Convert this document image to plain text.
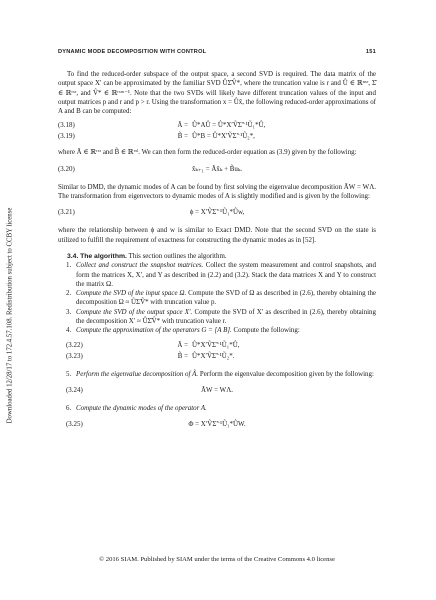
DYNAMIC MODE DECOMPOSITION WITH CONTROL	151
Downloaded 12/28/17 to 172.4.57.108. Redistribution subject to CCBY license

To find the reduced-order subspace of the output space, a second SVD is required. The data matrix of the output space X′ can be approximated by the familiar SVD ÛΣ̂V̂*, where the truncation value is r and Û ∈ ℝⁿˣʳ, Σ̂ ∈ ℝʳˣʳ, and V̂* ∈ ℝʳˣᵐ⁻¹. Note that the two SVDs will likely have different truncation values of the input and output matrices p and r and p > r. Using the transformation x = Ûx̃, the following reduced-order approximations of A and B can be computed:

(3.18)	Ã = Û*AÛ = Û*X′ṼΣ̃⁻¹Ũ₁*Û,
(3.19)	B̃ = Û*B = Û*X′ṼΣ̃⁻¹Ũ₂*,

where Ã ∈ ℝʳˣʳ and B̃ ∈ ℝʳˣˡ. We can then form the reduced-order equation as (3.9) given by the following:

(3.20)	x̃ₖ₊₁ = Ãx̃ₖ + B̃uₖ.

Similar to DMD, the dynamic modes of A can be found by first solving the eigenvalue decomposition ÃW = WΛ. The transformation from eigenvectors to dynamic modes of A is slightly modified and is given by the following:

(3.21)	ϕ = X′ṼΣ̃⁻¹Ũ₁*Ûw,

where the relationship between ϕ and w is similar to Exact DMD. Note that the second SVD on the state is utilized to fulfill the requirement of exactness for constructing the dynamic modes as in [52].

3.4. The algorithm. This section outlines the algorithm.

1. Collect and construct the snapshot matrices. Collect the system measurement and control snapshots, and form the matrices X, X′, and Υ as described in (2.2) and (3.2). Stack the data matrices X and Υ to construct the matrix Ω.
2. Compute the SVD of the input space Ω. Compute the SVD of Ω as described in (2.6), thereby obtaining the decomposition Ω ≈ ŨΣ̃Ṽ* with truncation value p.
3. Compute the SVD of the output space X′. Compute the SVD of X′ as described in (2.6), thereby obtaining the decomposition X′ ≈ ÛΣ̂V̂* with truncation value r.
4. Compute the approximation of the operators G = [A B]. Compute the following:
(3.22)	Ã = Û*X′ṼΣ̃⁻¹Ũ₁*Û,
(3.23)	B̃ = Û*X′ṼΣ̃⁻¹Ũ₂*.
5. Perform the eigenvalue decomposition of Ã. Perform the eigenvalue decomposition given by the following:
(3.24)	ÃW = WΛ.
6. Compute the dynamic modes of the operator A.
(3.25)	Φ = X′ṼΣ̃⁻¹Ũ₁*ÛW.
© 2016 SIAM. Published by SIAM under the terms of the Creative Commons 4.0 license
